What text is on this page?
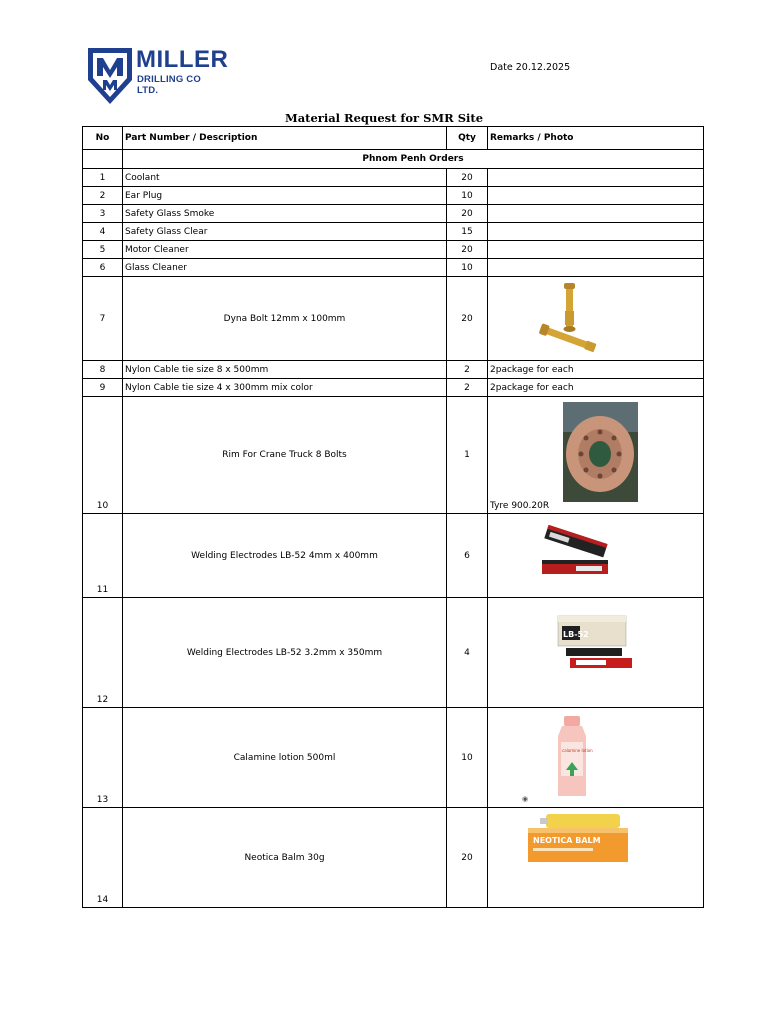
MILLER
DRILLING CO LTD.
Date 20.12.2025
Material Request for SMR Site
No	Part Number / Description	Qty	Remarks / Photo
	Phnom Penh Orders		
1	Coolant	20	
2	Ear Plug	10	
3	Safety Glass Smoke	20	
4	Safety Glass Clear	15	
5	Motor Cleaner	20	
6	Glass Cleaner	10	
7	Dyna Bolt 12mm x 100mm	20	

8	Nylon Cable tie size 8 x 500mm	2	2package for each
9	Nylon Cable tie size 4 x 300mm mix color	2	2package for each
10	Rim For Crane Truck 8 Bolts	1	Tyre 900.20R
11	Welding Electrodes LB-52 4mm x 400mm	6	

12	Welding Electrodes LB-52 3.2mm x 350mm	4	LB-52

13	Calamine lotion 500ml	10	calamine lotion
◉

14	Neotica Balm 30g	20	NEOTICA BALM
